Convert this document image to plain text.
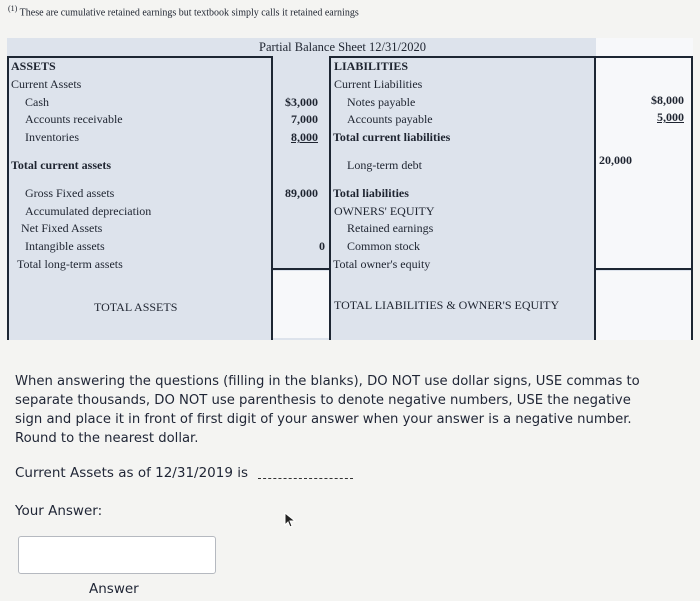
$^{(1)}$ These are cumulative retained earnings but textbook simply calls it retained earnings
Partial Balance Sheet 12/31/2020
ASSETS
Current Assets
Cash
Accounts receivable
Inventories
Total current assets
Gross Fixed assets
Accumulated depreciation
Net Fixed Assets
Intangible assets
Total long-term assets
TOTAL ASSETS
$3,000
7,000
8,000
89,000
0
LIABILITIES
Current Liabilities
Notes payable
Accounts payable
Total current liabilities
Long-term debt
Total liabilities
OWNERS' EQUITY
Retained earnings
Common stock
Total owner's equity
TOTAL LIABILITIES & OWNER'S EQUITY
20,000
$8,000
5,000
When answering the questions (filling in the blanks), DO NOT use dollar signs, USE commas to separate thousands, DO NOT use parenthesis to denote negative numbers, USE the negative sign and place it in front of first digit of your answer when your answer is a negative number. Round to the nearest dollar.
Current Assets as of 12/31/2019 is
Your Answer:
Answer
